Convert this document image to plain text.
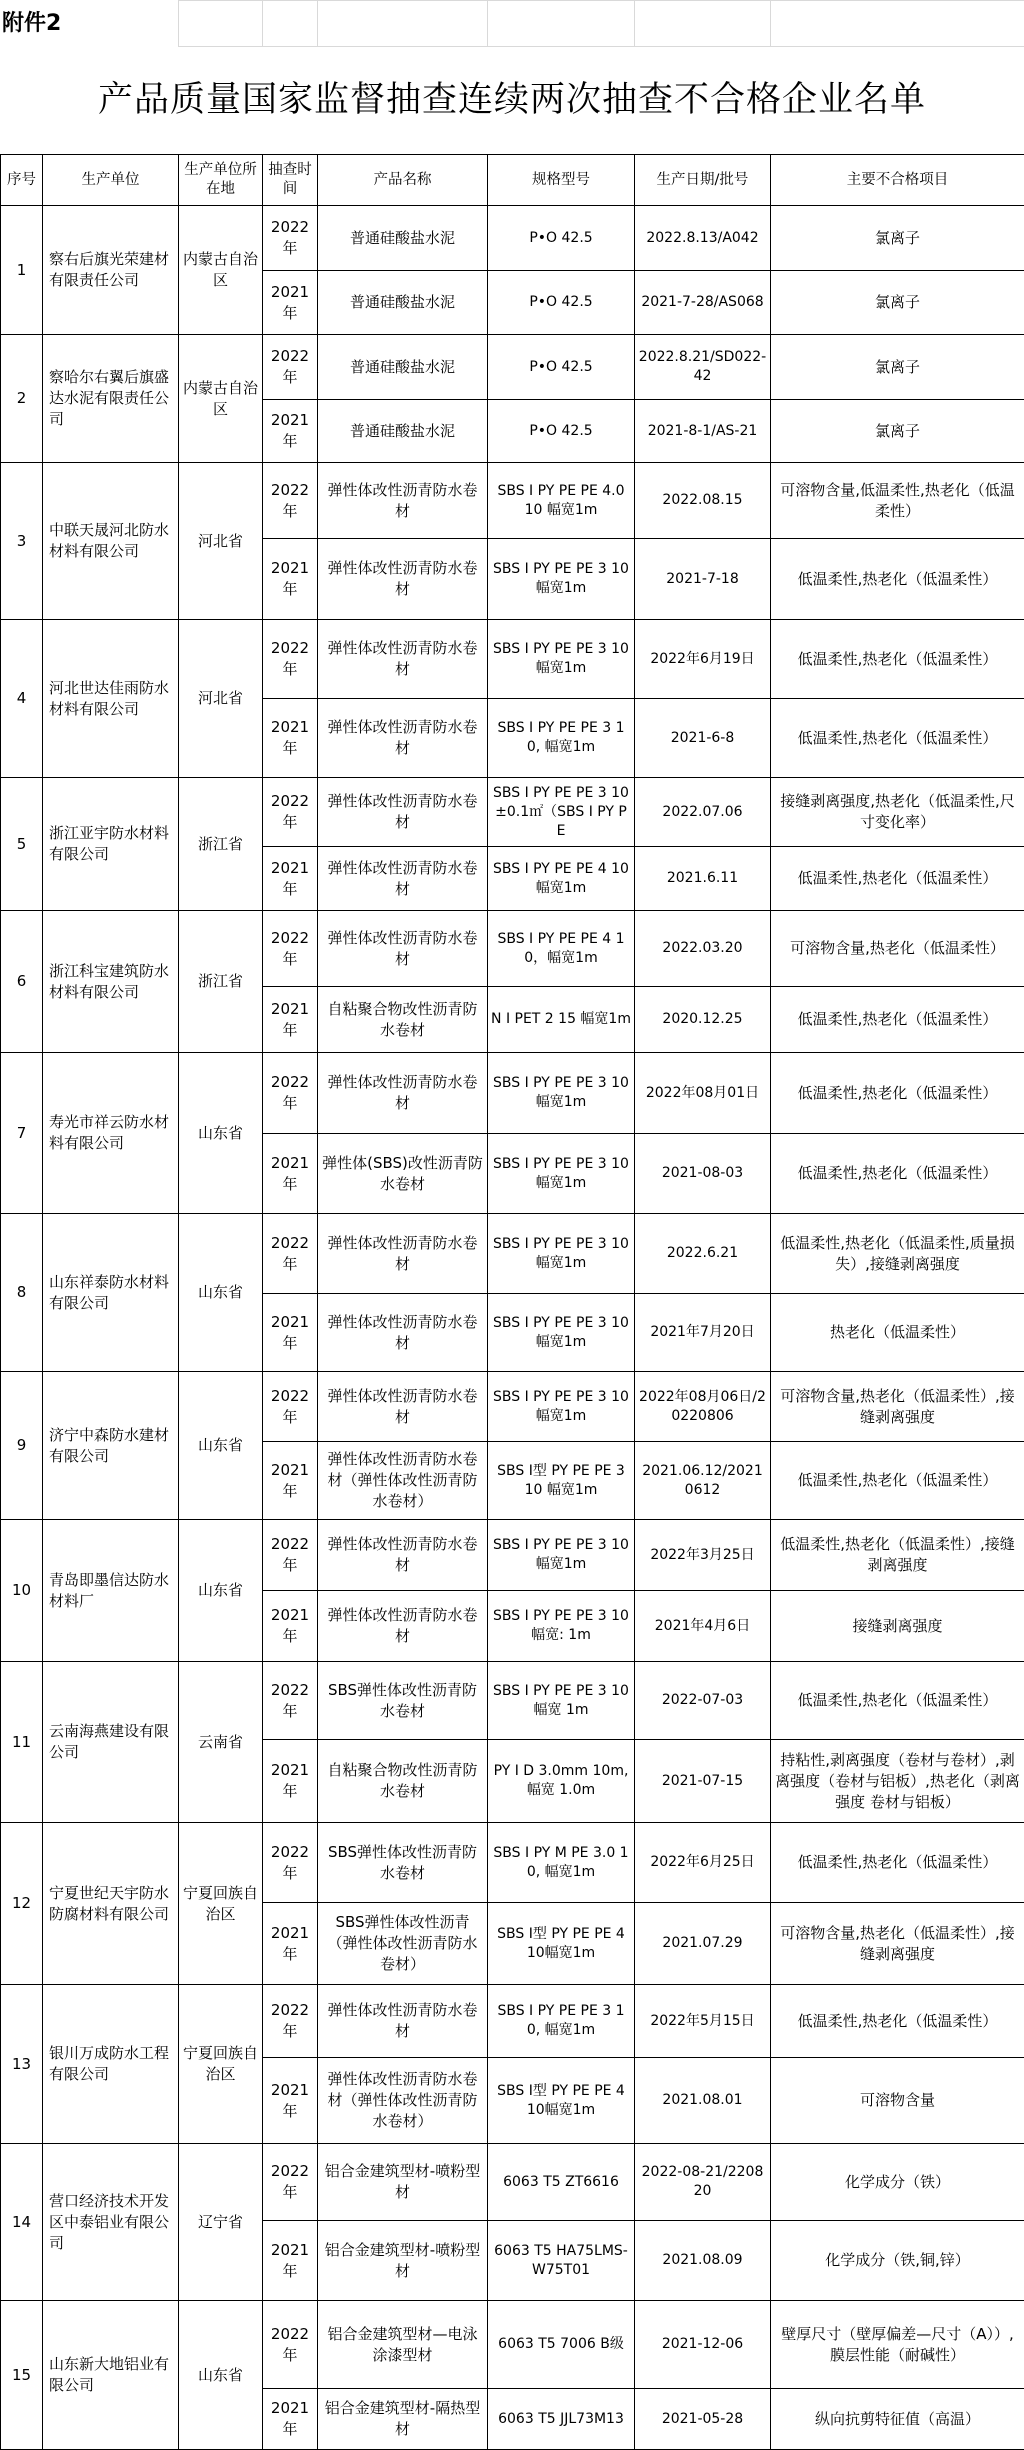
附件2						
产品质量国家监督抽查连续两次抽查不合格企业名单
序号	生产单位	生产单位所在地	抽查时间	产品名称	规格型号	生产日期/批号	主要不合格项目
1	察右后旗光荣建材有限责任公司	内蒙古自治区	2022年	普通硅酸盐水泥	P•O 42.5	2022.8.13/A042	氯离子
			2021年	普通硅酸盐水泥	P•O 42.5	2021-7-28/AS068	氯离子
2	察哈尔右翼后旗盛达水泥有限责任公司	内蒙古自治区	2022年	普通硅酸盐水泥	P•O 42.5	2022.8.21/SD022-42	氯离子
			2021年	普通硅酸盐水泥	P•O 42.5	2021-8-1/AS-21	氯离子
3	中联天晟河北防水材料有限公司	河北省	2022年	弹性体改性沥青防水卷材	SBS Ⅰ PY PE PE 4.0 10 幅宽1m	2022.08.15	可溶物含量,低温柔性,热老化（低温柔性）
			2021年	弹性体改性沥青防水卷材	SBS I PY PE PE 3 10 幅宽1m	2021-7-18	低温柔性,热老化（低温柔性）
4	河北世达佳雨防水材料有限公司	河北省	2022年	弹性体改性沥青防水卷材	SBS Ⅰ PY PE PE 3 10 幅宽1m	2022年6月19日	低温柔性,热老化（低温柔性）
			2021年	弹性体改性沥青防水卷材	SBS I PY PE PE 3 10, 幅宽1m	2021-6-8	低温柔性,热老化（低温柔性）
5	浙江亚宇防水材料有限公司	浙江省	2022年	弹性体改性沥青防水卷材	SBS Ⅰ PY PE PE 3 10±0.1㎡（SBS Ⅰ PY PE	2022.07.06	接缝剥离强度,热老化（低温柔性,尺寸变化率）
			2021年	弹性体改性沥青防水卷材	SBS Ⅰ PY PE PE 4 10 幅宽1m	2021.6.11	低温柔性,热老化（低温柔性）
6	浙江科宝建筑防水材料有限公司	浙江省	2022年	弹性体改性沥青防水卷材	SBS Ⅰ PY PE PE 4 10，幅宽1m	2022.03.20	可溶物含量,热老化（低温柔性）
			2021年	自粘聚合物改性沥青防水卷材	N I PET 2 15 幅宽1m	2020.12.25	低温柔性,热老化（低温柔性）
7	寿光市祥云防水材料有限公司	山东省	2022年	弹性体改性沥青防水卷材	SBS Ⅰ PY PE PE 3 10 幅宽1m	2022年08月01日	低温柔性,热老化（低温柔性）
			2021年	弹性体(SBS)改性沥青防水卷材	SBS Ⅰ PY PE PE 3 10 幅宽1m	2021-08-03	低温柔性,热老化（低温柔性）
8	山东祥泰防水材料有限公司	山东省	2022年	弹性体改性沥青防水卷材	SBS Ⅰ PY PE PE 3 10幅宽1m	2022.6.21	低温柔性,热老化（低温柔性,质量损失）,接缝剥离强度
			2021年	弹性体改性沥青防水卷材	SBS I PY PE PE 3 10 幅宽1m	2021年7月20日	热老化（低温柔性）
9	济宁中森防水建材有限公司	山东省	2022年	弹性体改性沥青防水卷材	SBS Ⅰ PY PE PE 3 10幅宽1m	2022年08月06日/20220806	可溶物含量,热老化（低温柔性）,接缝剥离强度
			2021年	弹性体改性沥青防水卷材（弹性体改性沥青防水卷材）	SBS I型 PY PE PE 3 10 幅宽1m	2021.06.12/20210612	低温柔性,热老化（低温柔性）
10	青岛即墨信达防水材料厂	山东省	2022年	弹性体改性沥青防水卷材	SBS Ⅰ PY PE PE 3 10幅宽1m	2022年3月25日	低温柔性,热老化（低温柔性）,接缝剥离强度
			2021年	弹性体改性沥青防水卷材	SBS I PY PE PE 3 10幅宽: 1m	2021年4月6日	接缝剥离强度
11	云南海燕建设有限公司	云南省	2022年	SBS弹性体改性沥青防水卷材	SBS Ⅰ PY PE PE 3 10 幅宽 1m	2022-07-03	低温柔性,热老化（低温柔性）
			2021年	自粘聚合物改性沥青防水卷材	PY I D 3.0mm 10m, 幅宽 1.0m	2021-07-15	持粘性,剥离强度（卷材与卷材）,剥离强度（卷材与铝板）,热老化（剥离强度 卷材与铝板）
12	宁夏世纪天宇防水防腐材料有限公司	宁夏回族自治区	2022年	SBS弹性体改性沥青防水卷材	SBS Ⅰ PY M PE 3.0 10, 幅宽1m	2022年6月25日	低温柔性,热老化（低温柔性）
			2021年	SBS弹性体改性沥青（弹性体改性沥青防水卷材）	SBS I型 PY PE PE 4 10幅宽1m	2021.07.29	可溶物含量,热老化（低温柔性）,接缝剥离强度
13	银川万成防水工程有限公司	宁夏回族自治区	2022年	弹性体改性沥青防水卷材	SBS Ⅰ PY PE PE 3 10, 幅宽1m	2022年5月15日	低温柔性,热老化（低温柔性）
			2021年	弹性体改性沥青防水卷材（弹性体改性沥青防水卷材）	SBS I型 PY PE PE 4 10幅宽1m	2021.08.01	可溶物含量
14	营口经济技术开发区中泰铝业有限公司	辽宁省	2022年	铝合金建筑型材-喷粉型材	6063 T5 ZT6616	2022-08-21/220820	化学成分（铁）
			2021年	铝合金建筑型材-喷粉型材	6063 T5 HA75LMS-W75T01	2021.08.09	化学成分（铁,铜,锌）
15	山东新大地铝业有限公司	山东省	2022年	铝合金建筑型材—电泳涂漆型材	6063 T5 7006 B级	2021-12-06	壁厚尺寸（壁厚偏差—尺寸（A））,膜层性能（耐碱性）
			2021年	铝合金建筑型材-隔热型材	6063 T5 JJL73M13	2021-05-28	纵向抗剪特征值（高温）
